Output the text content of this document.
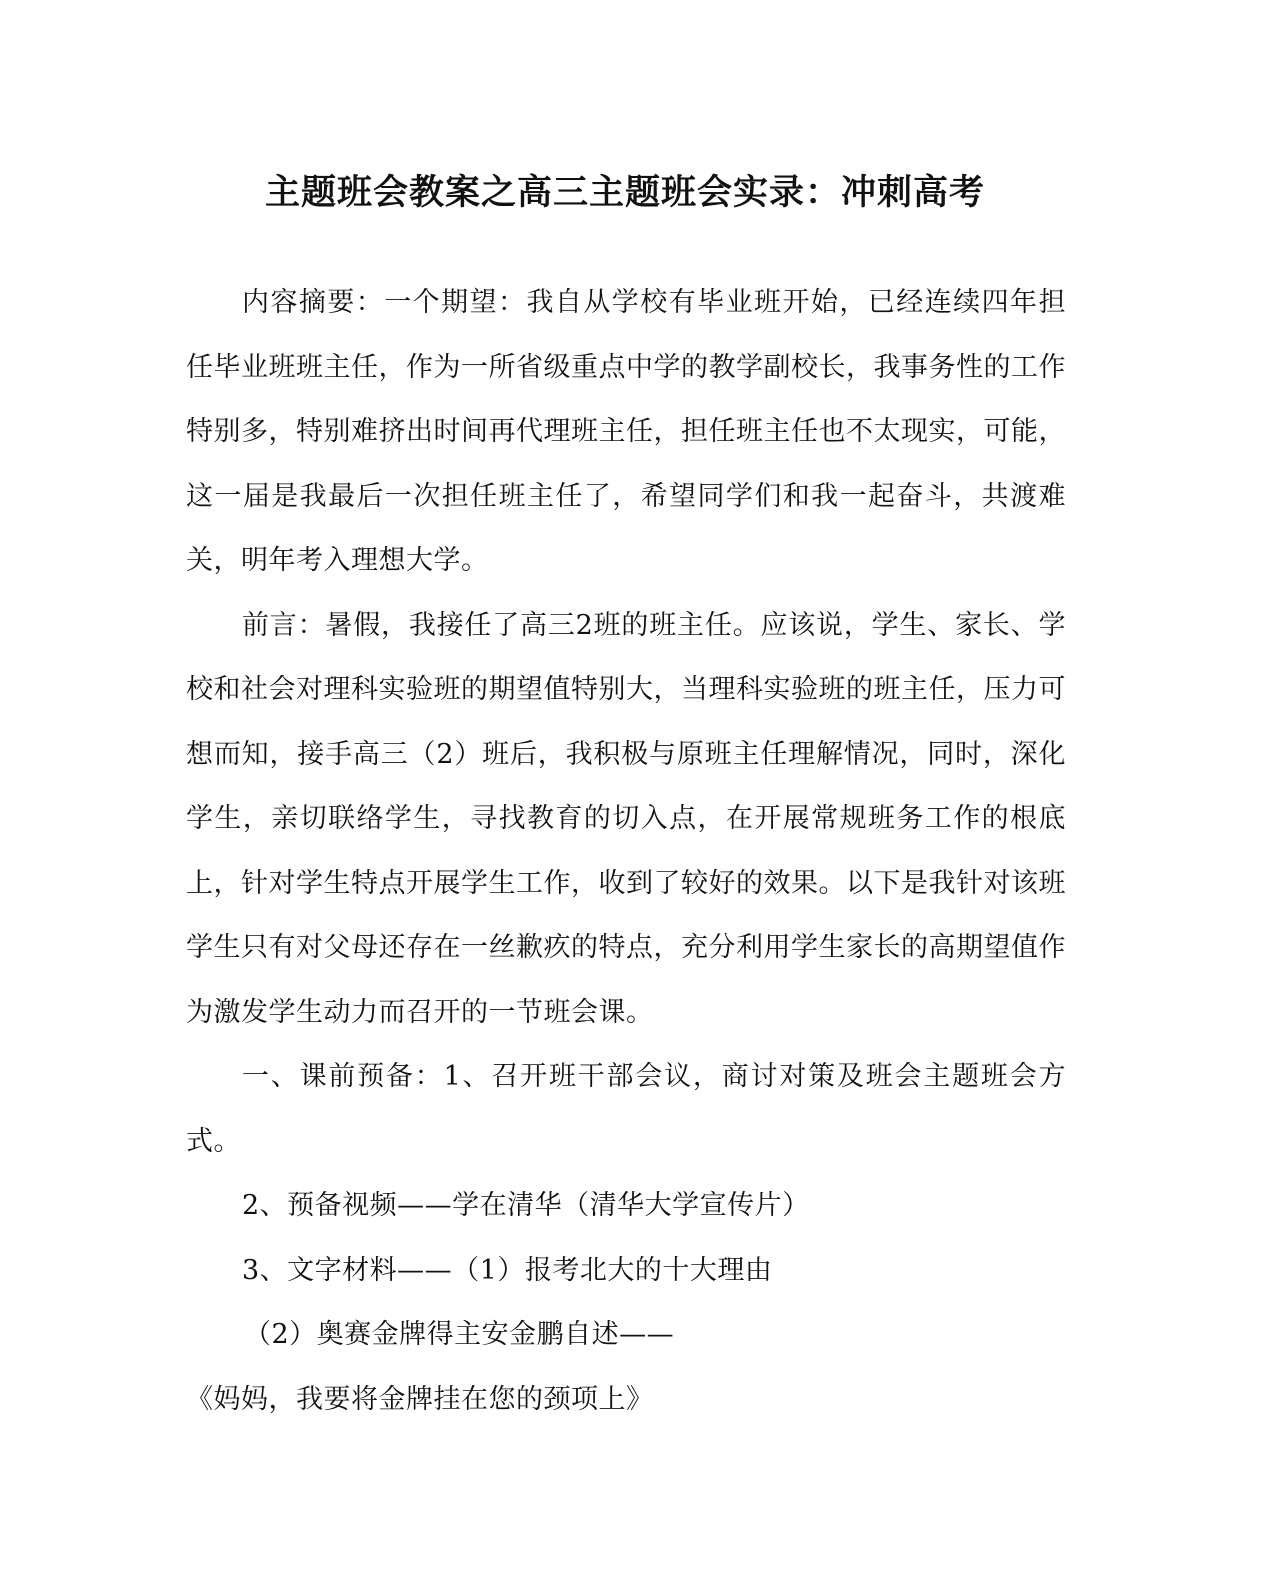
主题班会教案之高三主题班会实录：冲刺高考

内容摘要：一个期望：我自从学校有毕业班开始，已经连续四年担任毕业班班主任，作为一所省级重点中学的教学副校长，我事务性的工作特别多，特别难挤出时间再代理班主任，担任班主任也不太现实，可能，这一届是我最后一次担任班主任了，希望同学们和我一起奋斗，共渡难关，明年考入理想大学。

前言：暑假，我接任了高三2班的班主任。应该说，学生、家长、学校和社会对理科实验班的期望值特别大，当理科实验班的班主任，压力可想而知，接手高三（2）班后，我积极与原班主任理解情况，同时，深化学生，亲切联络学生，寻找教育的切入点，在开展常规班务工作的根底上，针对学生特点开展学生工作，收到了较好的效果。以下是我针对该班学生只有对父母还存在一丝歉疚的特点，充分利用学生家长的高期望值作为激发学生动力而召开的一节班会课。

一、课前预备：1、召开班干部会议，商讨对策及班会主题班会方式。

2、预备视频——学在清华（清华大学宣传片）

3、文字材料——（1）报考北大的十大理由

（2）奥赛金牌得主安金鹏自述——

《妈妈，我要将金牌挂在您的颈项上》
